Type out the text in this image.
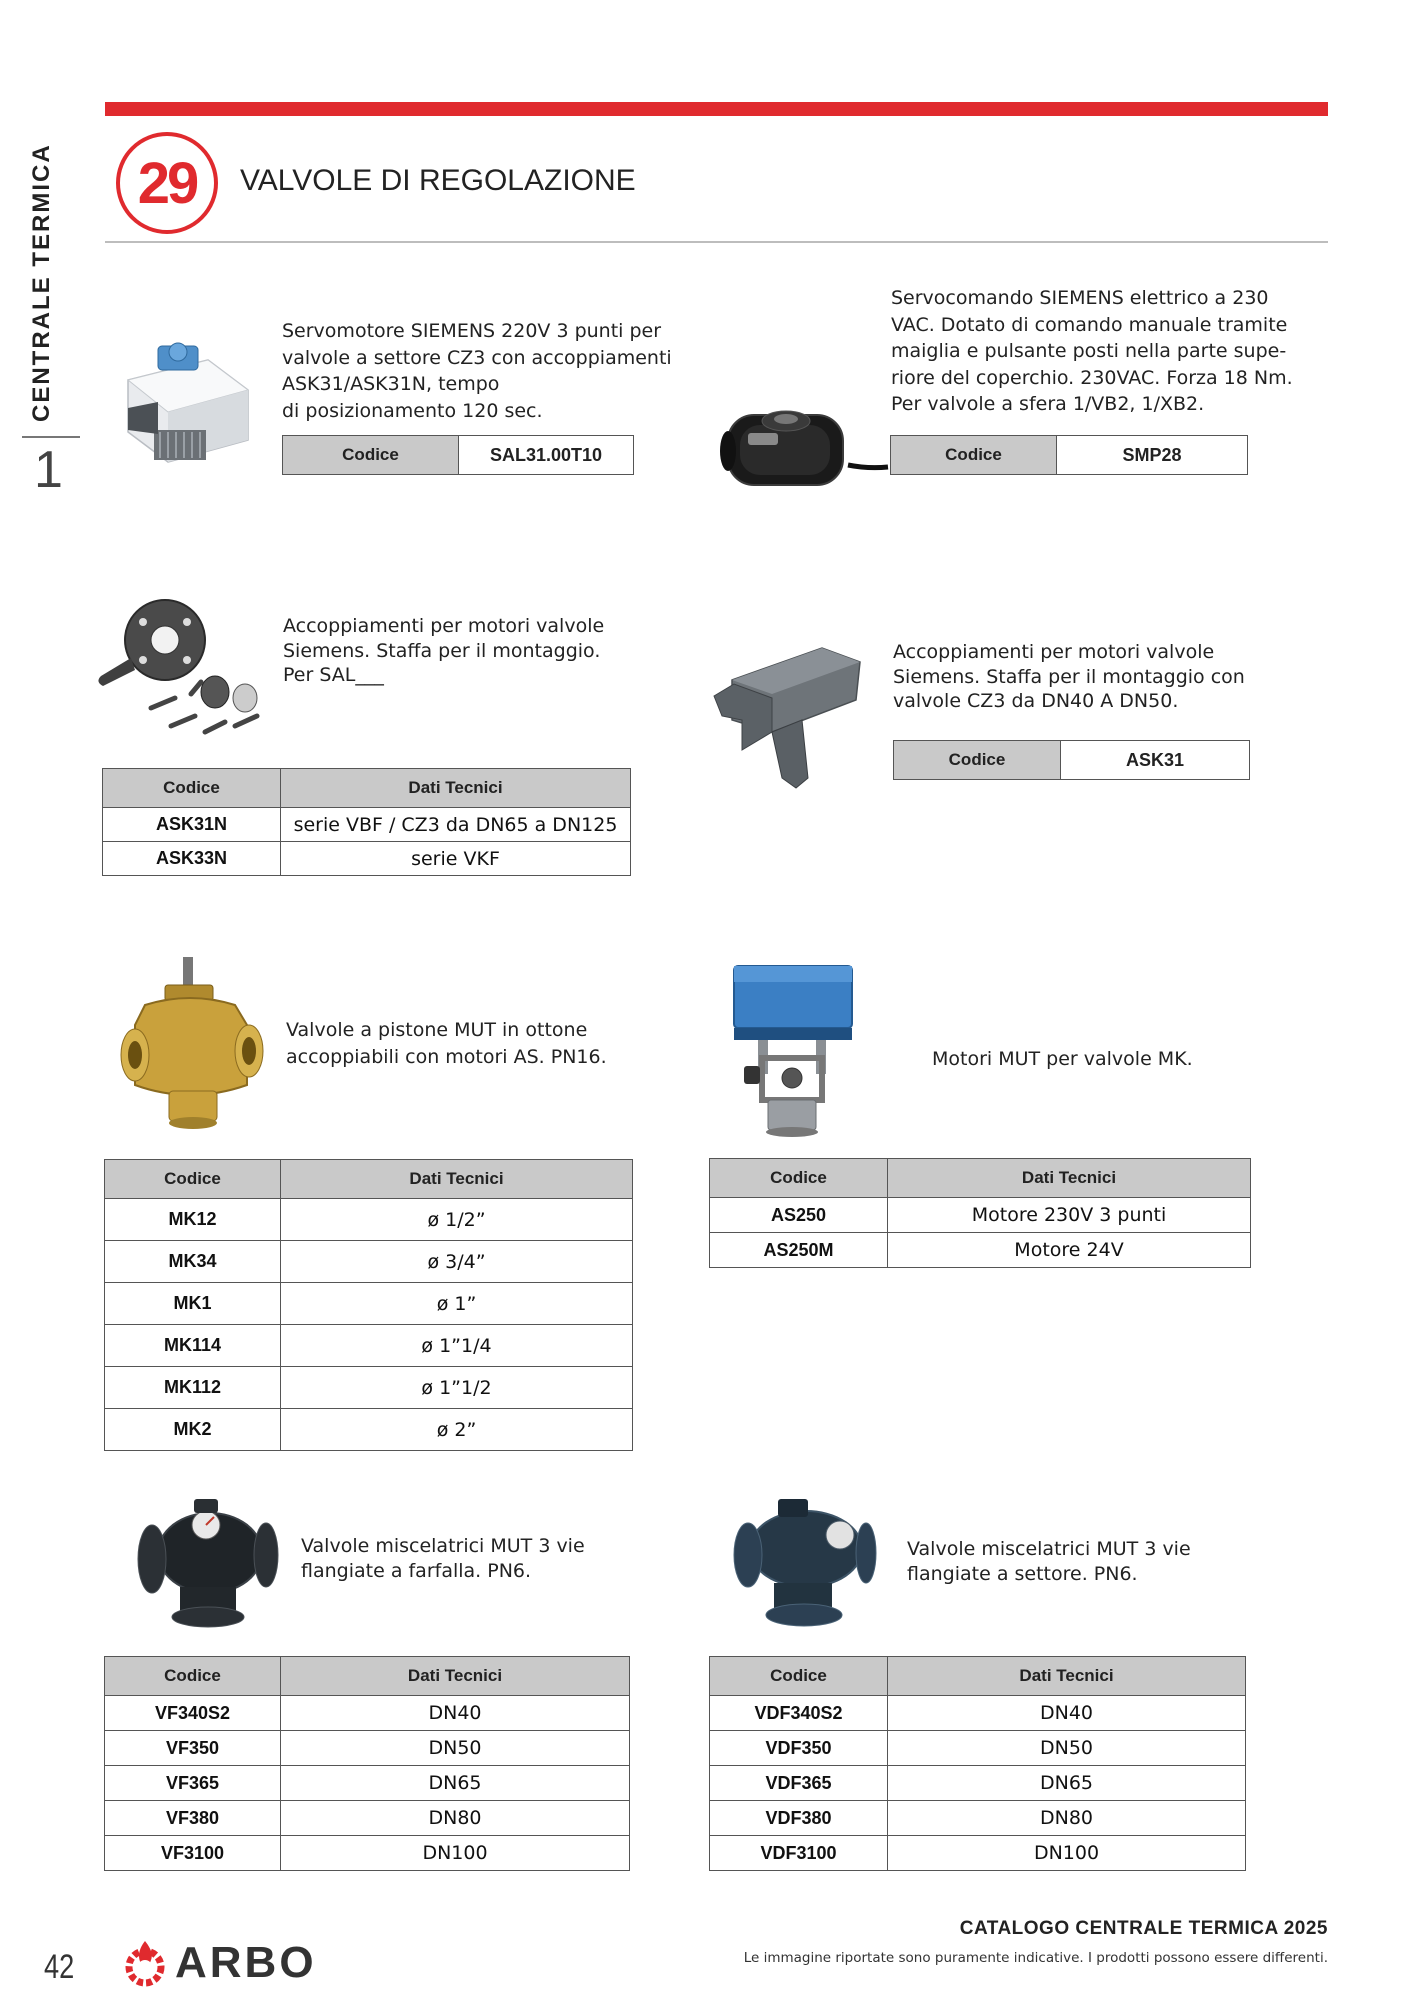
29 VALVOLE DI REGOLAZIONE
CENTRALE TERMICA
1
Servomotore SIEMENS 220V 3 punti per
valvole a settore CZ3 con accoppiamenti
ASK31/ASK31N, tempo
di posizionamento 120 sec.
Codice	SAL31.00T10
Servocomando SIEMENS elettrico a 230
VAC. Dotato di comando manuale tramite
maiglia e pulsante posti nella parte supe-
riore del coperchio. 230VAC. Forza 18 Nm.
Per valvole a sfera 1/VB2, 1/XB2.
Codice	SMP28
Accoppiamenti per motori valvole
Siemens. Staffa per il montaggio.
Per SAL___
Codice	Dati Tecnici
ASK31N	serie VBF / CZ3 da DN65 a DN125
ASK33N	serie VKF
Accoppiamenti per motori valvole
Siemens. Staffa per il montaggio con
valvole CZ3 da DN40 A DN50.
Codice	ASK31
Valvole a pistone MUT in ottone
accoppiabili con motori AS. PN16.
Codice	Dati Tecnici
MK12	ø 1/2”
MK34	ø 3/4”
MK1	ø 1”
MK114	ø 1”1/4
MK112	ø 1”1/2
MK2	ø 2”
Motori MUT per valvole MK.
Codice	Dati Tecnici
AS250	Motore 230V 3 punti
AS250M	Motore 24V
Valvole miscelatrici MUT 3 vie
flangiate a farfalla. PN6.
Codice	Dati Tecnici
VF340S2	DN40
VF350	DN50
VF365	DN65
VF380	DN80
VF3100	DN100
Valvole miscelatrici MUT 3 vie
flangiate a settore. PN6.
Codice	Dati Tecnici
VDF340S2	DN40
VDF350	DN50
VDF365	DN65
VDF380	DN80
VDF3100	DN100
42 ARBO
CATALOGO CENTRALE TERMICA 2025
Le immagine riportate sono puramente indicative. I prodotti possono essere differenti.
